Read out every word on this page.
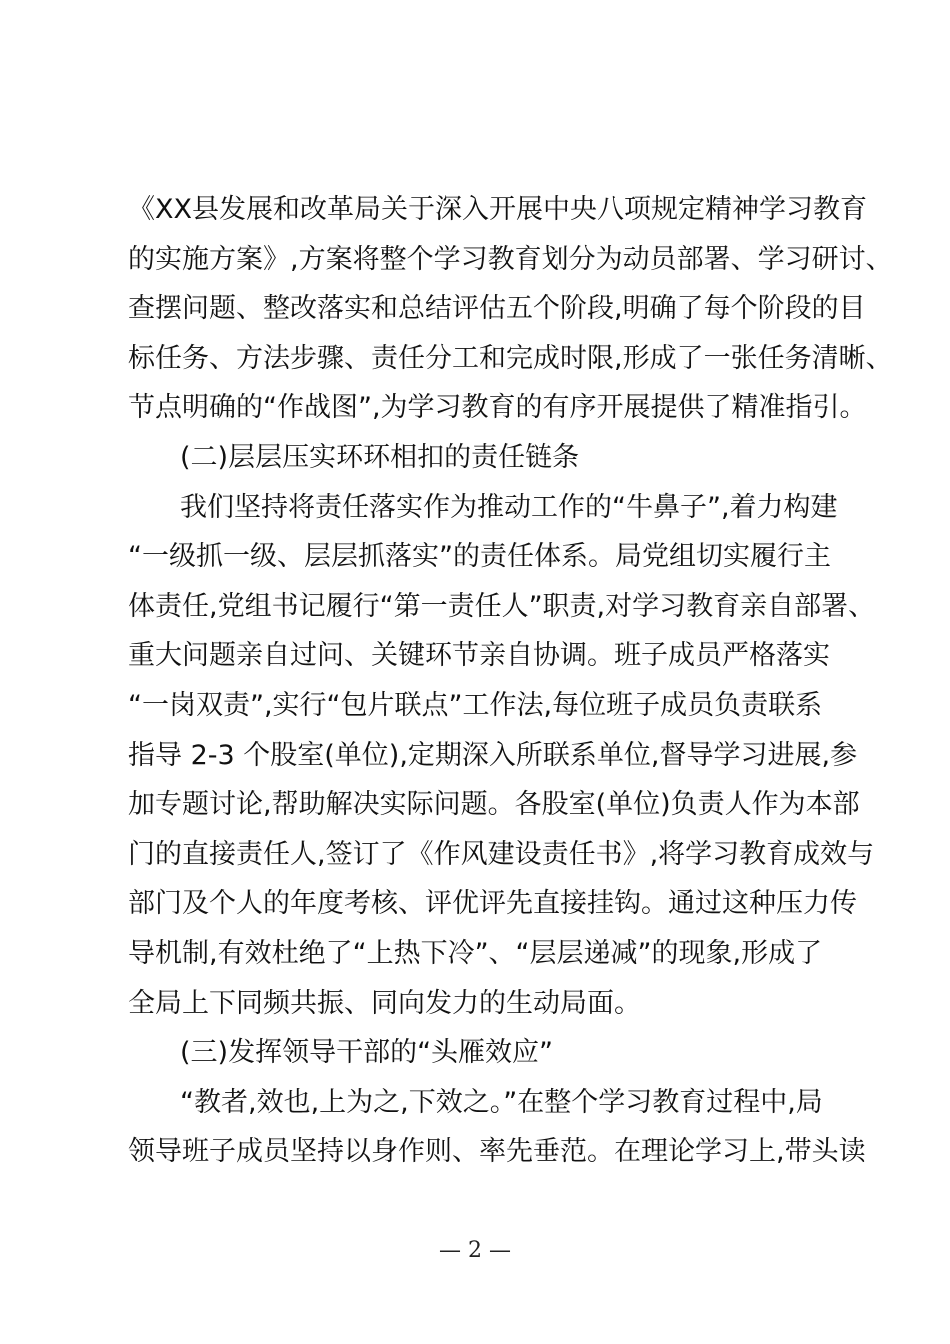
《XX县发展和改革局关于深入开展中央八项规定精神学习教育
的实施方案》,方案将整个学习教育划分为动员部署、学习研讨、
查摆问题、整改落实和总结评估五个阶段,明确了每个阶段的目
标任务、方法步骤、责任分工和完成时限,形成了一张任务清晰、
节点明确的“作战图”,为学习教育的有序开展提供了精准指引。
(二)层层压实环环相扣的责任链条
我们坚持将责任落实作为推动工作的“牛鼻子”,着力构建
“一级抓一级、层层抓落实”的责任体系。局党组切实履行主
体责任,党组书记履行“第一责任人”职责,对学习教育亲自部署、
重大问题亲自过问、关键环节亲自协调。班子成员严格落实
“一岗双责”,实行“包片联点”工作法,每位班子成员负责联系
指导 2-3 个股室(单位),定期深入所联系单位,督导学习进展,参
加专题讨论,帮助解决实际问题。各股室(单位)负责人作为本部
门的直接责任人,签订了《作风建设责任书》,将学习教育成效与
部门及个人的年度考核、评优评先直接挂钩。通过这种压力传
导机制,有效杜绝了“上热下冷”、“层层递减”的现象,形成了
全局上下同频共振、同向发力的生动局面。
(三)发挥领导干部的“头雁效应”
“教者,效也,上为之,下效之。”在整个学习教育过程中,局
领导班子成员坚持以身作则、率先垂范。在理论学习上,带头读
— 2 —
